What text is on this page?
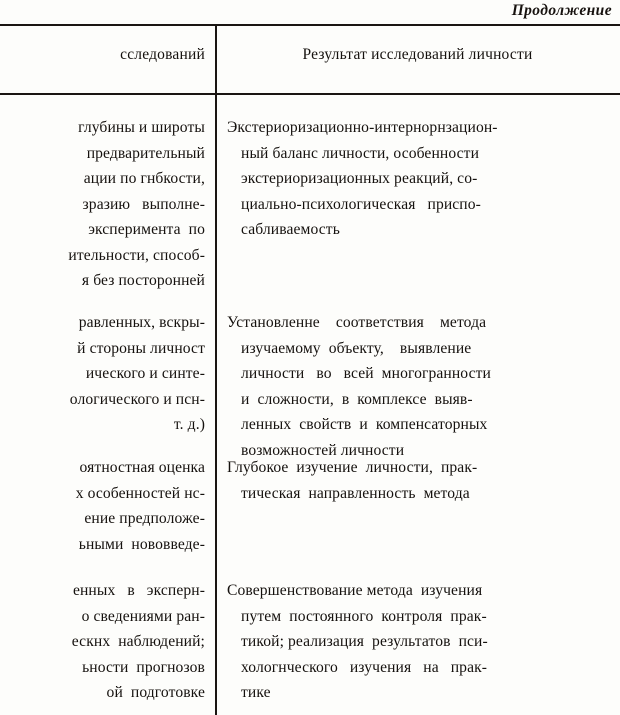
Продолжение
сследований	Результат исследований личности
глубины и широты
предварительный
ации по гнбкости,
зразию   выполне-
эксперимента  по
ительности, способ-
я без посторонней
Экстериоризационно-интернорнзацион-
ный баланс личности, особенности
экстериоризационных реакций, со-
циально-психологическая   приспо-
сабливаемость
равленных, вскры-
й стороны личност
ического и синте-
ологического и псн-
т. д.)
Установленне    соответствия    метода
изучаемому  объекту,    выявление
личности   во   всей  многогранности
и  сложности,  в  комплексе  выяв-
ленных  свойств  и  компенсаторных
возможностей личности
оятностная оценка
х особенностей нс-
ение предположе-
ьными  нововведе-
Глубокое  изучение  личности,  прак-
тическая  направленность  метода
енных   в   эксперн-
о сведениями ран-
ескнх  наблюдений;
ьности  прогнозов
ой  подготовке
Совершенствование метода  изучения
путем  постоянного  контроля  прак-
тикой; реализация  результатов  пси-
хологнческого   изучения   на   прак-
тике
